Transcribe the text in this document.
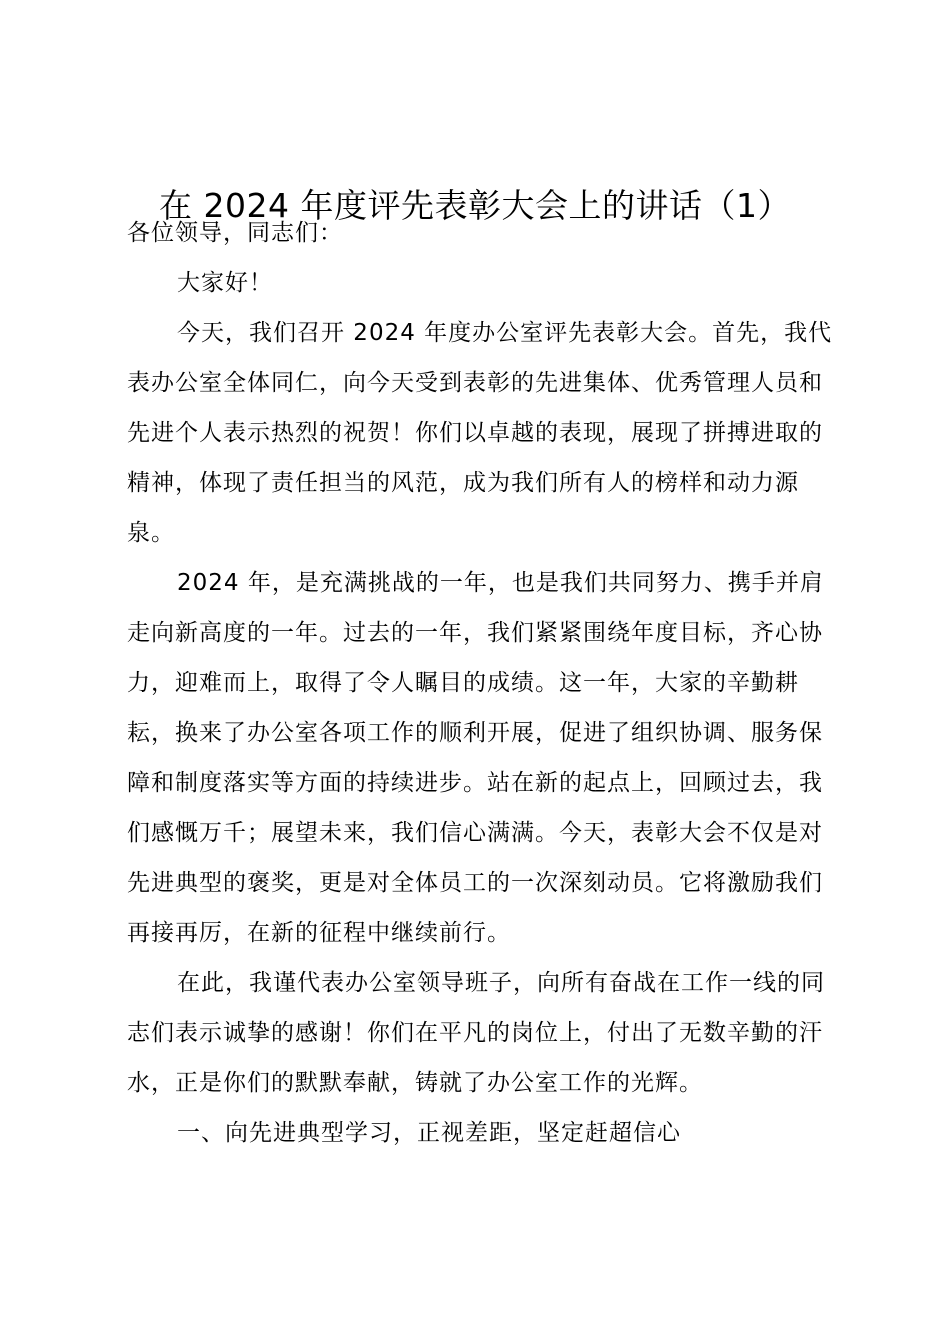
在 2024 年度评先表彰大会上的讲话（1）

各位领导，同志们：

大家好！

今天，我们召开 2024 年度办公室评先表彰大会。首先，我代表办公室全体同仁，向今天受到表彰的先进集体、优秀管理人员和先进个人表示热烈的祝贺！你们以卓越的表现，展现了拼搏进取的精神，体现了责任担当的风范，成为我们所有人的榜样和动力源泉。

2024 年，是充满挑战的一年，也是我们共同努力、携手并肩走向新高度的一年。过去的一年，我们紧紧围绕年度目标，齐心协力，迎难而上，取得了令人瞩目的成绩。这一年，大家的辛勤耕耘，换来了办公室各项工作的顺利开展，促进了组织协调、服务保障和制度落实等方面的持续进步。站在新的起点上，回顾过去，我们感慨万千；展望未来，我们信心满满。今天，表彰大会不仅是对先进典型的褒奖，更是对全体员工的一次深刻动员。它将激励我们再接再厉，在新的征程中继续前行。

在此，我谨代表办公室领导班子，向所有奋战在工作一线的同志们表示诚挚的感谢！你们在平凡的岗位上，付出了无数辛勤的汗水，正是你们的默默奉献，铸就了办公室工作的光辉。

一、向先进典型学习，正视差距，坚定赶超信心
